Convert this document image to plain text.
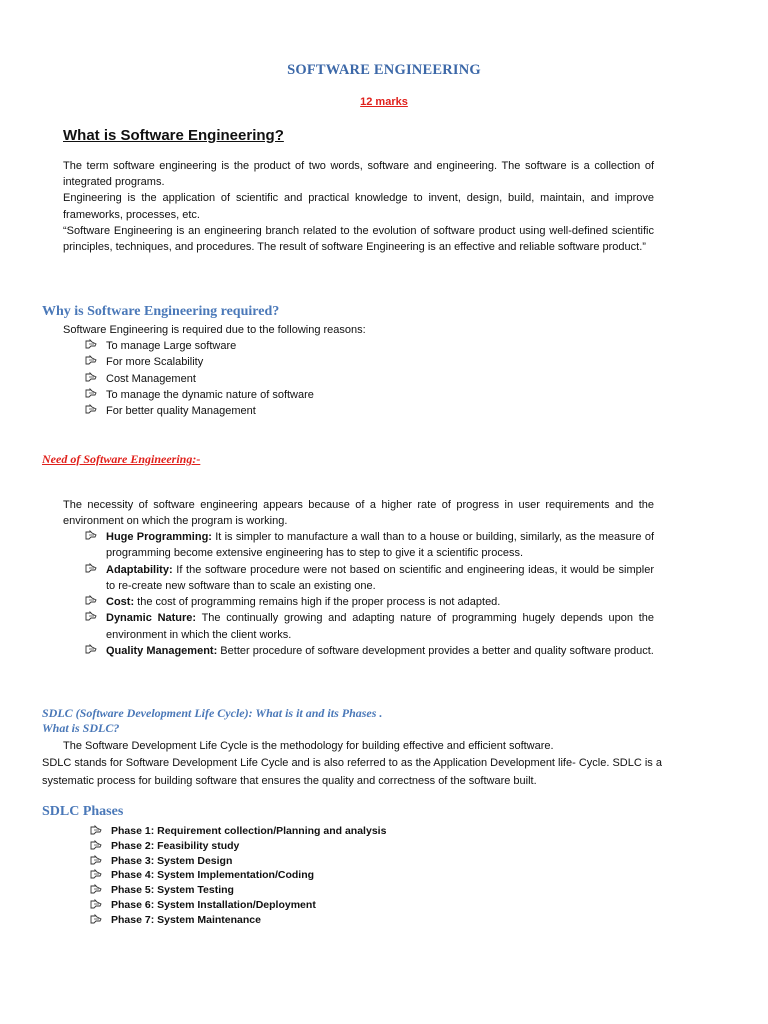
SOFTWARE ENGINEERING
12 marks
What is Software Engineering?

The term software engineering is the product of two words, software and engineering. The software is a collection of integrated programs.

Engineering is the application of scientific and practical knowledge to invent, design, build, maintain, and improve frameworks, processes, etc.

“Software Engineering is an engineering branch related to the evolution of software product using well-defined scientific principles, techniques, and procedures. The result of software Engineering is an effective and reliable software product.”

Why is Software Engineering required?
Software Engineering is required due to the following reasons:
To manage Large software
For more Scalability
Cost Management
To manage the dynamic nature of software
For better quality Management
Need of Software Engineering:-
The necessity of software engineering appears because of a higher rate of progress in user requirements and the environment on which the program is working.
Huge Programming: It is simpler to manufacture a wall than to a house or building, similarly, as the measure of programming become extensive engineering has to step to give it a scientific process.
Adaptability: If the software procedure were not based on scientific and engineering ideas, it would be simpler to re-create new software than to scale an existing one.
Cost: the cost of programming remains high if the proper process is not adapted.
Dynamic Nature: The continually growing and adapting nature of programming hugely depends upon the environment in which the client works.
Quality Management: Better procedure of software development provides a better and quality software product.
SDLC (Software Development Life Cycle): What is it and its Phases .
What is SDLC?
The Software Development Life Cycle is the methodology for building effective and efficient software.
SDLC stands for Software Development Life Cycle and is also referred to as the Application Development life- Cycle. SDLC is a systematic process for building software that ensures the quality and correctness of the software built.
SDLC Phases
Phase 1: Requirement collection/Planning and analysis
Phase 2: Feasibility study
Phase 3: System Design
Phase 4: System Implementation/Coding
Phase 5: System Testing
Phase 6: System Installation/Deployment
Phase 7: System Maintenance
